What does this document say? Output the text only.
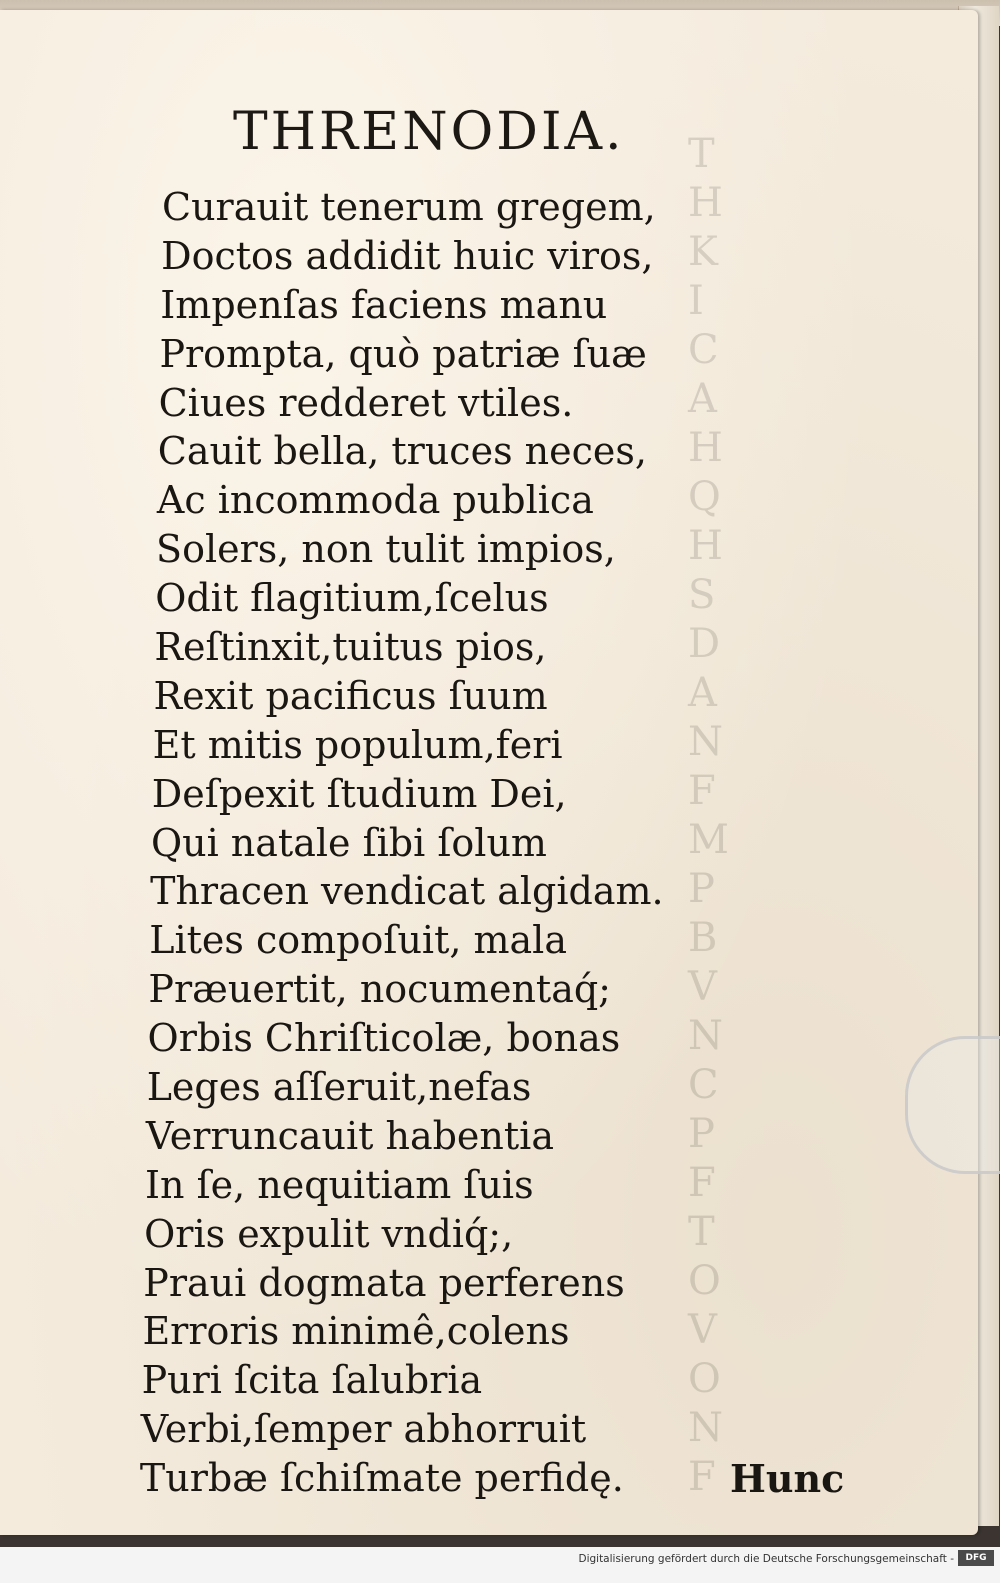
T
H
K
I
C
A
H
Q
H
S
D
A
N
F
M
P
B
V
N
C
P
F
T
O
V
O
N
F
THRENODIA.
Curauit tenerum gregem,
Doctos addidit huic viros,
Impenſas faciens manu
Prompta, quò patriæ ſuæ
Ciues redderet vtiles.
Cauit bella, truces neces,
Ac incommoda publica
Solers, non tulit impios,
Odit flagitium,ſcelus
Reſtinxit,tuitus pios,
Rexit pacificus ſuum
Et mitis populum,feri
Deſpexit ſtudium Dei,
Qui natale ſibi ſolum
Thracen vendicat algidam.
Lites compoſuit, mala
Præuertit, nocumentaq́;
Orbis Chriſticolæ, bonas
Leges aſſeruit,nefas
Verruncauit habentia
In ſe, nequitiam ſuis
Oris expulit vndiq́;,
Praui dogmata perferens
Erroris minimê,colens
Puri ſcita ſalubria
Verbi,ſemper abhorruit
Turbæ ſchiſmate perfidę.	Hunc
Digitalisierung gefördert durch die Deutsche Forschungsgemeinschaft -	DFG
